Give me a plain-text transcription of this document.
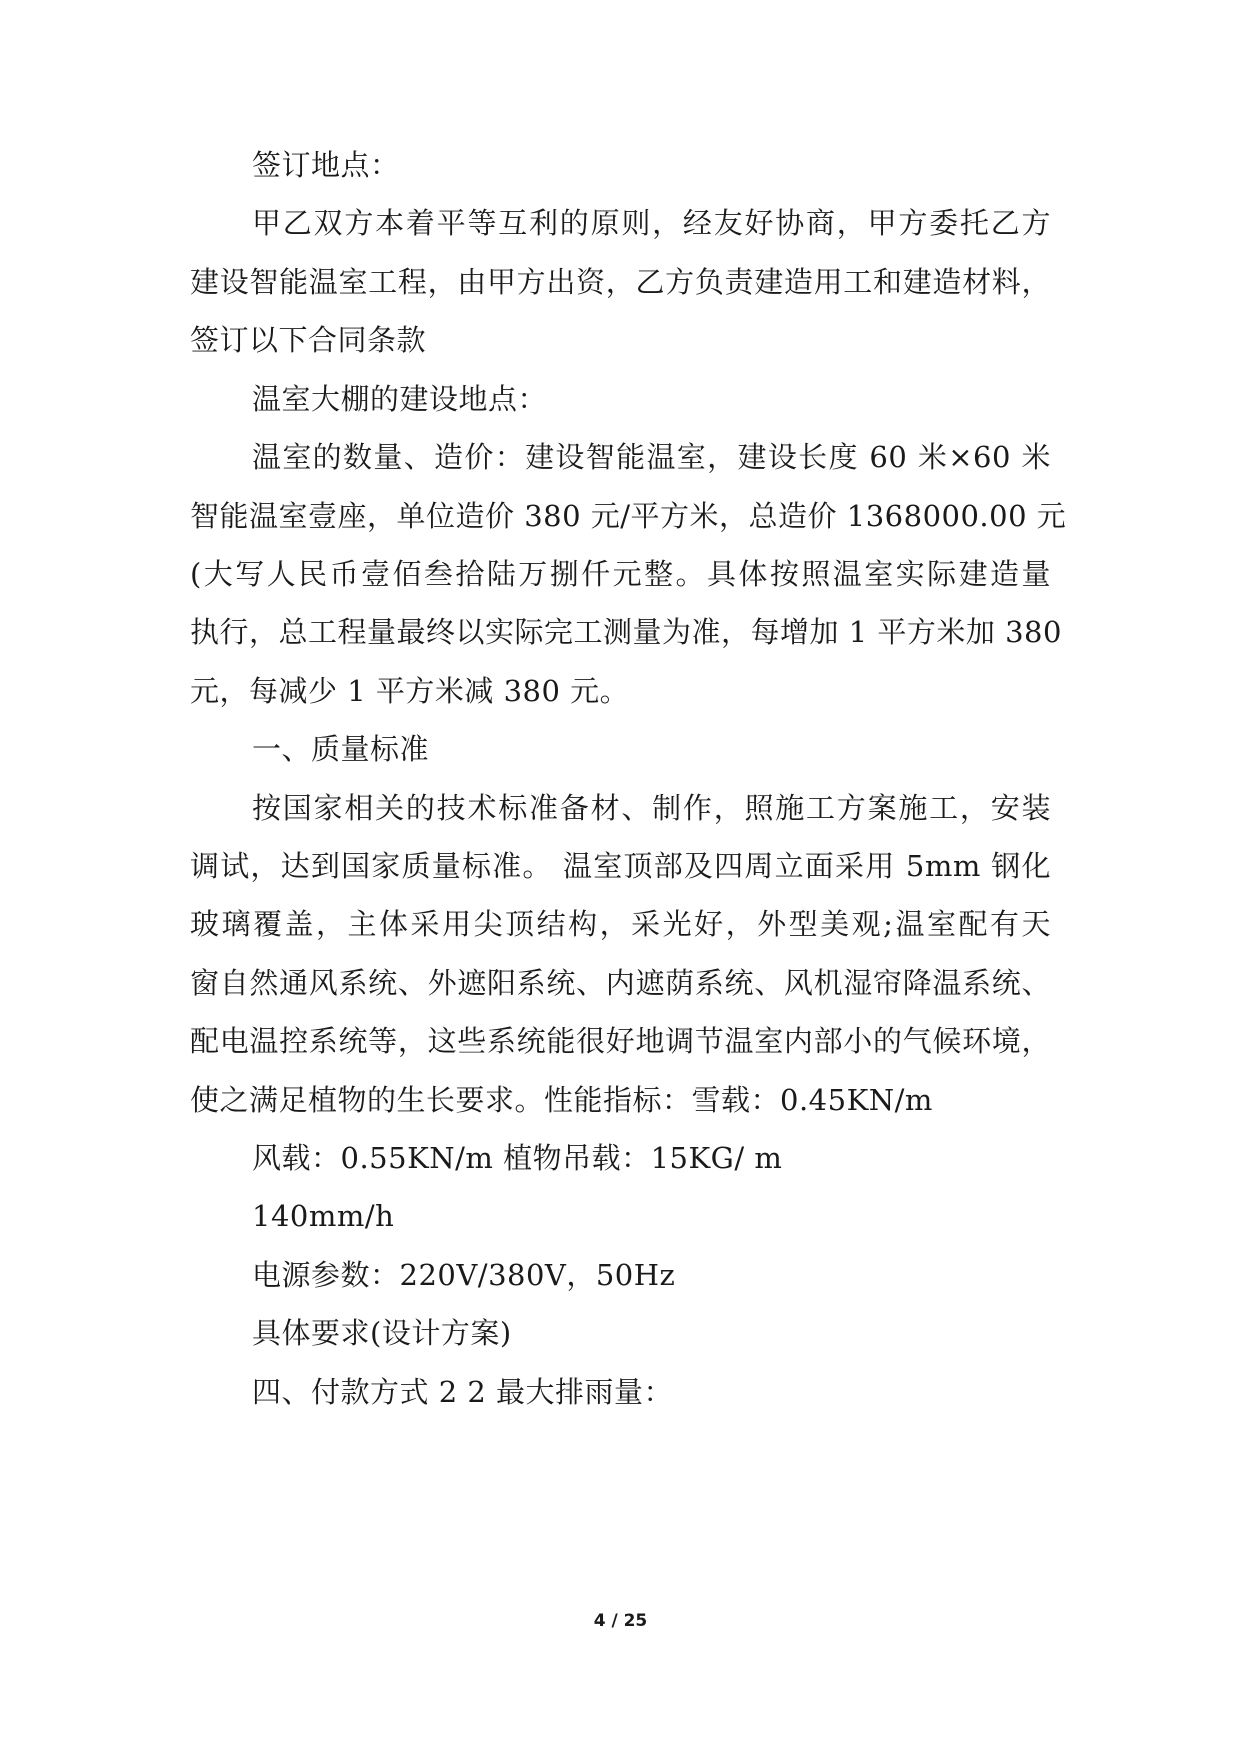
签订地点：
甲乙双方本着平等互利的原则，经友好协商，甲方委托乙方
建设智能温室工程，由甲方出资，乙方负责建造用工和建造材料，
签订以下合同条款
温室大棚的建设地点：
温室的数量、造价：建设智能温室，建设长度 60 米×60 米
智能温室壹座，单位造价 380 元/平方米，总造价 1368000.00 元
(大写人民币壹佰叁拾陆万捌仟元整。具体按照温室实际建造量
执行，总工程量最终以实际完工测量为准，每增加 1 平方米加 380
元，每减少 1 平方米减 380 元。
一、质量标准
按国家相关的技术标准备材、制作，照施工方案施工，安装
调试，达到国家质量标准。 温室顶部及四周立面采用 5mm 钢化
玻璃覆盖，主体采用尖顶结构，采光好，外型美观;温室配有天
窗自然通风系统、外遮阳系统、内遮荫系统、风机湿帘降温系统、
配电温控系统等，这些系统能很好地调节温室内部小的气候环境，
使之满足植物的生长要求。性能指标：雪载：0.45KN/m
风载：0.55KN/m 植物吊载：15KG/ m
140mm/h
电源参数：220V/380V，50Hz
具体要求(设计方案)
四、付款方式 2 2 最大排雨量：
4 / 25
